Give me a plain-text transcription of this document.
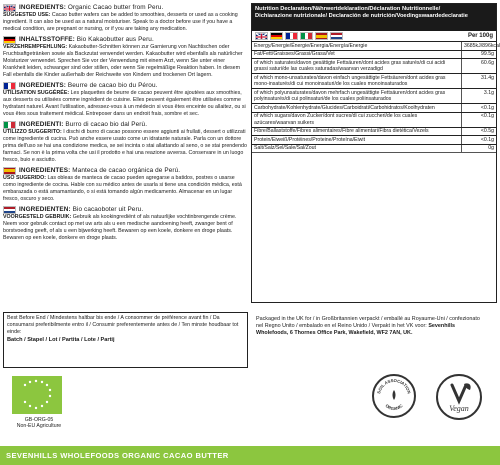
INGREDIENTS: Organic Cacao butter from Peru.
SUGGESTED USE: Cacao butter wafers can be added to smoothies, desserts or used as a cooking ingredient. It can also be used as a natural moisturiser. Speak to a doctor before use if you have a medical condition, are pregnant or nursing, or if you are taking any medication.
INHALTSSTOFFE: Bio Kakaobutter aus Peru.
VERZEHREMPFEHLUNG: Kakaobutter-Schnitten können zur Garnierung von Nachtischen oder Fruchtsaftgetränken sowie als Backzutat verwendet werden. Kakaobutter wird ebenfalls als natürlicher Moisturizer verwendet. Sprechen Sie vor der Verwendung mit einem Arzt, wenn Sie unter einer Krankheit leiden, schwanger sind oder stillen, oder wenn Sie regelmäßige Reaktion haben. In diesem Fall ebenfalls die Kinder außerhalb der Reichweite von Kindern und trockenen Ort lagern.
INGREDIENTS: Beurre de cacao bio du Pérou.
UTILISATION SUGGÉRÉE: Les plaquettes de beurre de cacao peuvent être ajoutées aux smoothies, aux desserts ou utilisées comme ingrédient de cuisine. Elles peuvent également être utilisées comme hydratant naturel. Avant l'utilisation, adressez-vous à un médecin si vous êtes enceinte ou allaitez, ou si vous êtes sous traitement médical. Entreposer dans un endroit frais, sombre et sec.
INGREDIENTI: Burro di cacao bio dal Perù.
UTILIZZO SUGGERITO: I dischi di burro di cacao possono essere aggiunti ai frullati, dessert o utilizzati come ingrediente di cucina. Può anche essere usato come un idratante naturale. Parla con un dottore prima dell'uso se hai una condizione medica, se sei incinta o stai allattando al seno, o se stai prendendo farmaci. Se non è la prima volta che usi il prodotto e hai una reazione avversa. Conservare in un luogo fresco, buio e asciutto.
INGREDIENTES: Manteca de cacao orgánica de Perú.
USO SUGERIDO: Las obleas de manteca de cacao pueden agregarse a batidos, postres o usarse como ingrediente de cocina. Hable con su médico antes de usarla si tiene una condición médica, está embarazada o está amamantando, o si está tomando algún medicamento. Almacenar en un lugar fresco, oscuro y seco.
INGREDIENTEN: Bio cacaoboter uit Peru.
VOORGESTELD GEBRUIK: Gebruik als kookingrediënt of als natuurlijke vochtinbrengende crème. Neem voor gebruik contact op met uw arts als u een medische aandoening heeft, zwanger bent of borstvoeding geeft, of als u een bijwerking heeft. Bewaren op een koele, donkere en droge plaats. Bewaren op een koele, donkere en droge plaats.
Nutrition Declaration/Nährwertdeklaration/Déclaration Nutritionnelle/
Dichiarazione nutrizionale/ Declaración de nutrición/Voedingswaardedeclaratie
Per 100g
Energy/Energie/Énergie/Energia/Energía/Energie	3685kJ/896kcal
Fat/Fett/Graisses/Grassi/Grasa/Vet	99.5g
of which saturates/davon gesättigte Fettsäuren/dont acides gras saturés/di cui acidi grassi saturi/de las cuales saturadas/waarvan verzadigd
60.6g
of which mono-unsaturates/davon einfach ungesättigte Fettsäuren/dont acides gras mono-insaturés/di cui monoinsaturi/de los cuales monoinsaturados
31.4g
of which polyunsaturates/davon mehrfach ungesättigte Fettsäuren/dont acides gras polyinsaturés/di cui polinsaturi/de los cuales poliinsaturados
3.1g
Carbohydrate/Kohlenhydrate/Glucides/Carboidrati/Carbohidratos/Koolhydraten	<0.1g
of which sugars/davon Zucker/dont sucres/di cui zuccheri/de los cuales azúcares/waarvan suikers
<0.1g
Fibre/Ballaststoffe/Fibres alimentaires/Fibre alimentari/Fibra dietética/Vezels	<0.5g
Protein/Eiweiß/Protéines/Proteine/Proteína/Eiwit	<0.1g
Salt/Salz/Sel/Sale/Sal/Zout	0g
Best Before End / Mindestens haltbar bis ende / A consommer de préférence avant fin / Da consumarsi preferibilmente entro il / Consumir preferentemente antes de / Ten minste houdbaar tot einde:
Batch / Stapel / Lot / Partita / Lote / Partij
Packaged in the UK for / in Großbritannien verpackt / emballé au Royaume-Uni / confezionato nel Regno Unito / embalado en el Reino Unido / Verpakt in het VK voor: Sevenhills Wholefoods, 6 Thornes Office Park, Wakefield, WF2 7AN, UK.
GB-ORG-05
Non-EU Agriculture
SOIL ASSOCIATION
ORGANIC	Vegan
SEVENHILLS WHOLEFOODS ORGANIC CACAO BUTTER
